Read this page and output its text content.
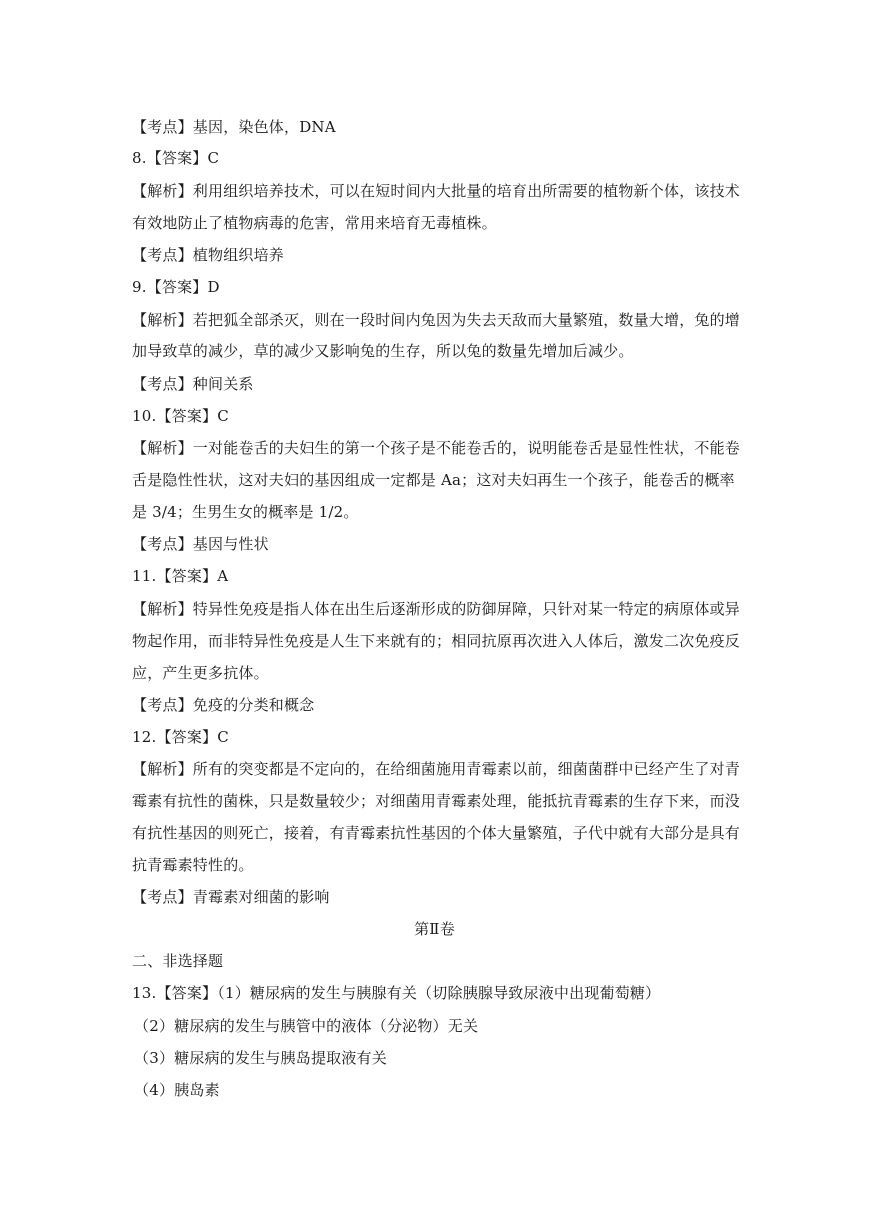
【考点】基因，染色体，DNA
8.【答案】C
【解析】利用组织培养技术，可以在短时间内大批量的培育出所需要的植物新个体，该技术
有效地防止了植物病毒的危害，常用来培育无毒植株。
【考点】植物组织培养
9.【答案】D
【解析】若把狐全部杀灭，则在一段时间内兔因为失去天敌而大量繁殖，数量大增，兔的增
加导致草的减少，草的减少又影响兔的生存，所以兔的数量先增加后减少。
【考点】种间关系
10.【答案】C
【解析】一对能卷舌的夫妇生的第一个孩子是不能卷舌的，说明能卷舌是显性性状，不能卷
舌是隐性性状，这对夫妇的基因组成一定都是 Aa；这对夫妇再生一个孩子，能卷舌的概率
是 3/4；生男生女的概率是 1/2。
【考点】基因与性状
11.【答案】A
【解析】特异性免疫是指人体在出生后逐渐形成的防御屏障，只针对某一特定的病原体或异
物起作用，而非特异性免疫是人生下来就有的；相同抗原再次进入人体后，激发二次免疫反
应，产生更多抗体。
【考点】免疫的分类和概念
12.【答案】C
【解析】所有的突变都是不定向的，在给细菌施用青霉素以前，细菌菌群中已经产生了对青
霉素有抗性的菌株，只是数量较少；对细菌用青霉素处理，能抵抗青霉素的生存下来，而没
有抗性基因的则死亡，接着，有青霉素抗性基因的个体大量繁殖，子代中就有大部分是具有
抗青霉素特性的。
【考点】青霉素对细菌的影响
第Ⅱ卷
二、非选择题
13.【答案】（1）糖尿病的发生与胰腺有关（切除胰腺导致尿液中出现葡萄糖）
（2）糖尿病的发生与胰管中的液体（分泌物）无关
（3）糖尿病的发生与胰岛提取液有关
（4）胰岛素
